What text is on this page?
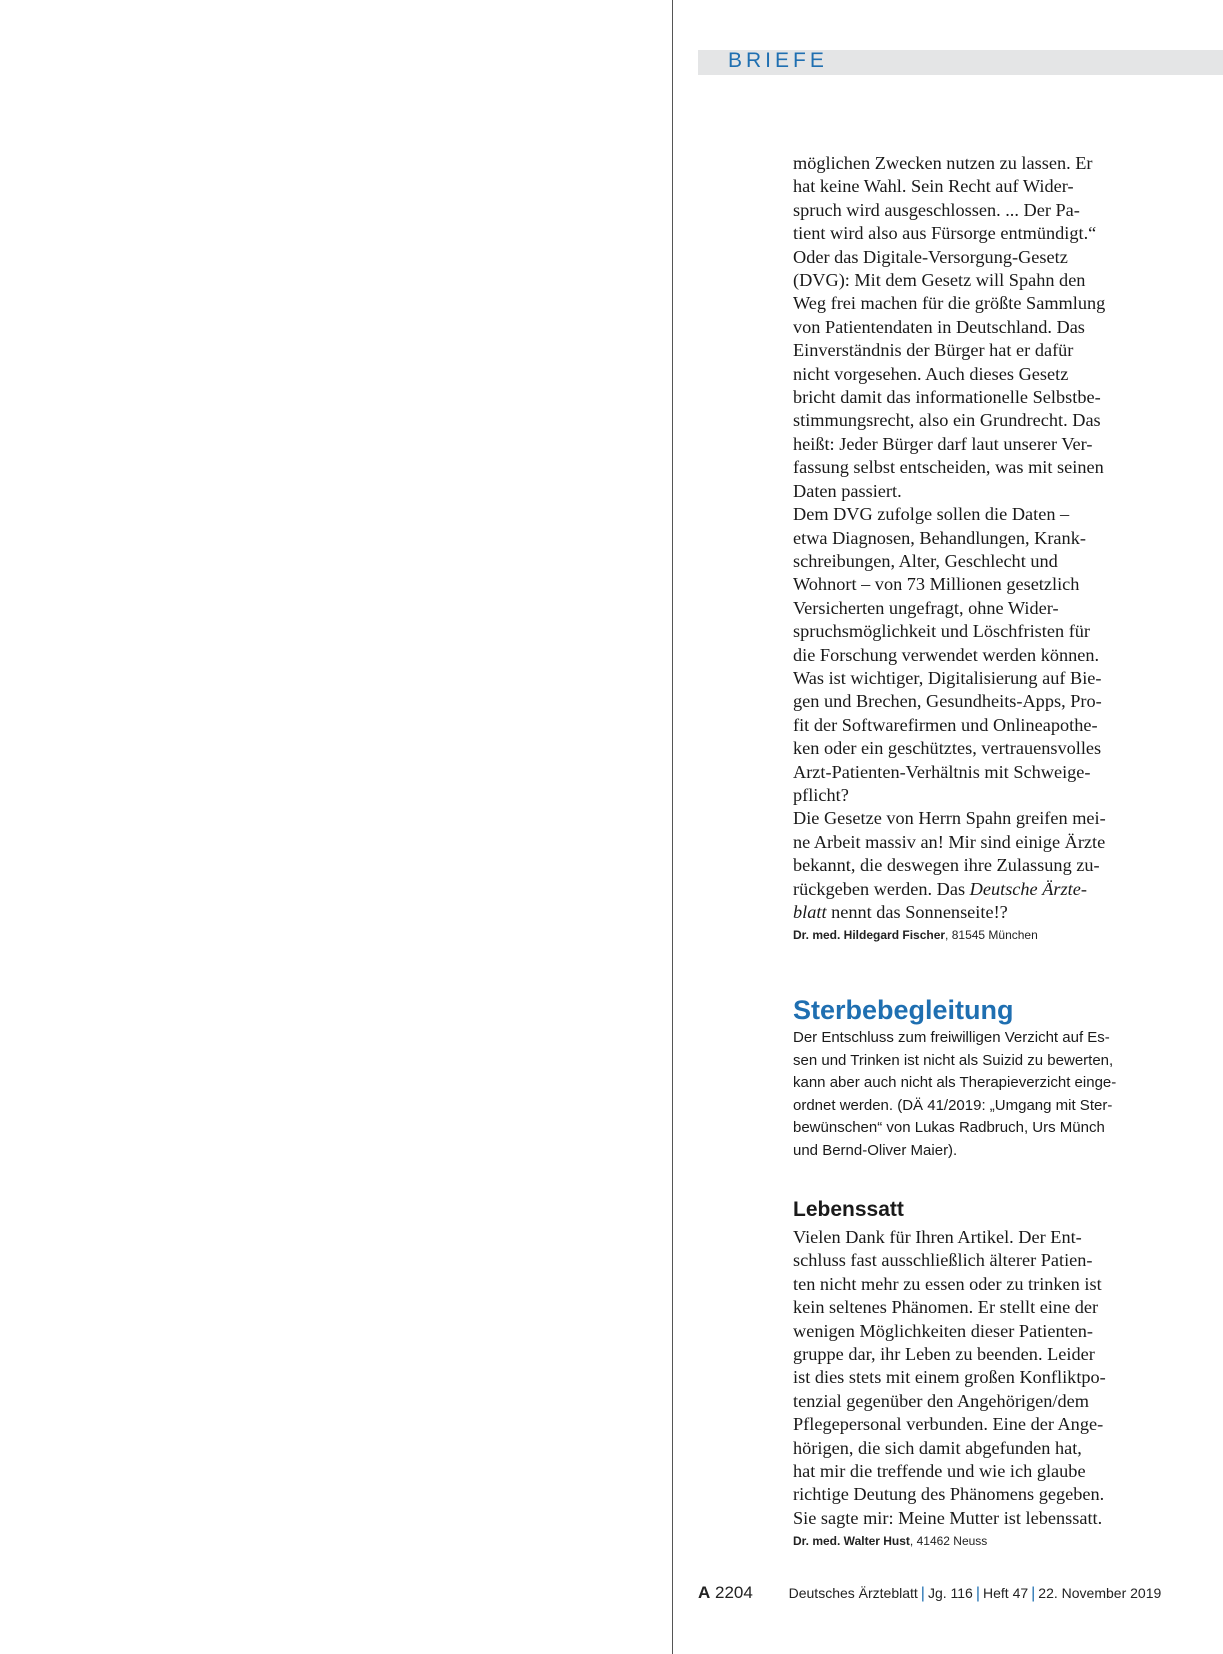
BRIEFE
möglichen Zwecken nutzen zu lassen. Er
hat keine Wahl. Sein Recht auf Wider-
spruch wird ausgeschlossen. ... Der Pa-
tient wird also aus Fürsorge entmündigt.“
Oder das Digitale-Versorgung-Gesetz
(DVG): Mit dem Gesetz will Spahn den
Weg frei machen für die größte Sammlung
von Patientendaten in Deutschland. Das
Einverständnis der Bürger hat er dafür
nicht vorgesehen. Auch dieses Gesetz
bricht damit das informationelle Selbstbe-
stimmungsrecht, also ein Grundrecht. Das
heißt: Jeder Bürger darf laut unserer Ver-
fassung selbst entscheiden, was mit seinen
Daten passiert.
Dem DVG zufolge sollen die Daten –
etwa Diagnosen, Behandlungen, Krank-
schreibungen, Alter, Geschlecht und
Wohnort – von 73 Millionen gesetzlich
Versicherten ungefragt, ohne Wider-
spruchsmöglichkeit und Löschfristen für
die Forschung verwendet werden können.
Was ist wichtiger, Digitalisierung auf Bie-
gen und Brechen, Gesundheits-Apps, Pro-
fit der Softwarefirmen und Onlineapothe-
ken oder ein geschütztes, vertrauensvolles
Arzt-Patienten-Verhältnis mit Schweige-
pflicht?
Die Gesetze von Herrn Spahn greifen mei-
ne Arbeit massiv an! Mir sind einige Ärzte
bekannt, die deswegen ihre Zulassung zu-
rückgeben werden. Das Deutsche Ärzte-
blatt nennt das Sonnenseite!?
Dr. med. Hildegard Fischer, 81545 München
Sterbebegleitung
Der Entschluss zum freiwilligen Verzicht auf Es-
sen und Trinken ist nicht als Suizid zu bewerten,
kann aber auch nicht als Therapieverzicht einge-
ordnet werden. (DÄ 41/2019: „Umgang mit Ster-
bewünschen“ von Lukas Radbruch, Urs Münch
und Bernd-Oliver Maier).
Lebenssatt
Vielen Dank für Ihren Artikel. Der Ent-
schluss fast ausschließlich älterer Patien-
ten nicht mehr zu essen oder zu trinken ist
kein seltenes Phänomen. Er stellt eine der
wenigen Möglichkeiten dieser Patienten-
gruppe dar, ihr Leben zu beenden. Leider
ist dies stets mit einem großen Konfliktpo-
tenzial gegenüber den Angehörigen/dem
Pflegepersonal verbunden. Eine der Ange-
hörigen, die sich damit abgefunden hat,
hat mir die treffende und wie ich glaube
richtige Deutung des Phänomens gegeben.
Sie sagte mir: Meine Mutter ist lebenssatt.
Dr. med. Walter Hust, 41462 Neuss
A 2204	Deutsches Ärzteblatt | Jg. 116 | Heft 47 | 22. November 2019
